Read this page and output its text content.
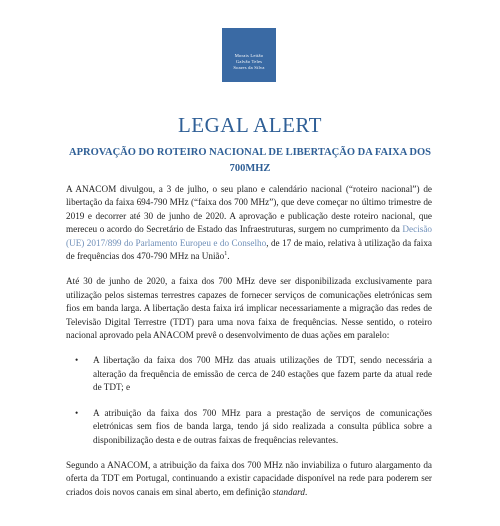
Morais Leitão
Galvão Teles
Soares da Silva
LEGAL ALERT
APROVAÇÃO DO ROTEIRO NACIONAL DE LIBERTAÇÃO DA FAIXA DOS 700MHZ

A ANACOM divulgou, a 3 de julho, o seu plano e calendário nacional (“roteiro nacional”) de libertação da faixa 694-790 MHz (“faixa dos 700 MHz”), que deve começar no último trimestre de 2019 e decorrer até 30 de junho de 2020. A aprovação e publicação deste roteiro nacional, que mereceu o acordo do Secretário de Estado das Infraestruturas, surgem no cumprimento da Decisão (UE) 2017/899 do Parlamento Europeu e do Conselho, de 17 de maio, relativa à utilização da faixa de frequências dos 470-790 MHz na União$^1$.

Até 30 de junho de 2020, a faixa dos 700 MHz deve ser disponibilizada exclusivamente para utilização pelos sistemas terrestres capazes de fornecer serviços de comunicações eletrónicas sem fios em banda larga. A libertação desta faixa irá implicar necessariamente a migração das redes de Televisão Digital Terrestre (TDT) para uma nova faixa de frequências. Nesse sentido, o roteiro nacional aprovado pela ANACOM prevê o desenvolvimento de duas ações em paralelo:

• A libertação da faixa dos 700 MHz das atuais utilizações de TDT, sendo necessária a alteração da frequência de emissão de cerca de 240 estações que fazem parte da atual rede de TDT; e
• A atribuição da faixa dos 700 MHz para a prestação de serviços de comunicações eletrónicas sem fios de banda larga, tendo já sido realizada a consulta pública sobre a disponibilização desta e de outras faixas de frequências relevantes.

Segundo a ANACOM, a atribuição da faixa dos 700 MHz não inviabiliza o futuro alargamento da oferta da TDT em Portugal, continuando a existir capacidade disponível na rede para poderem ser criados dois novos canais em sinal aberto, em definição standard.
